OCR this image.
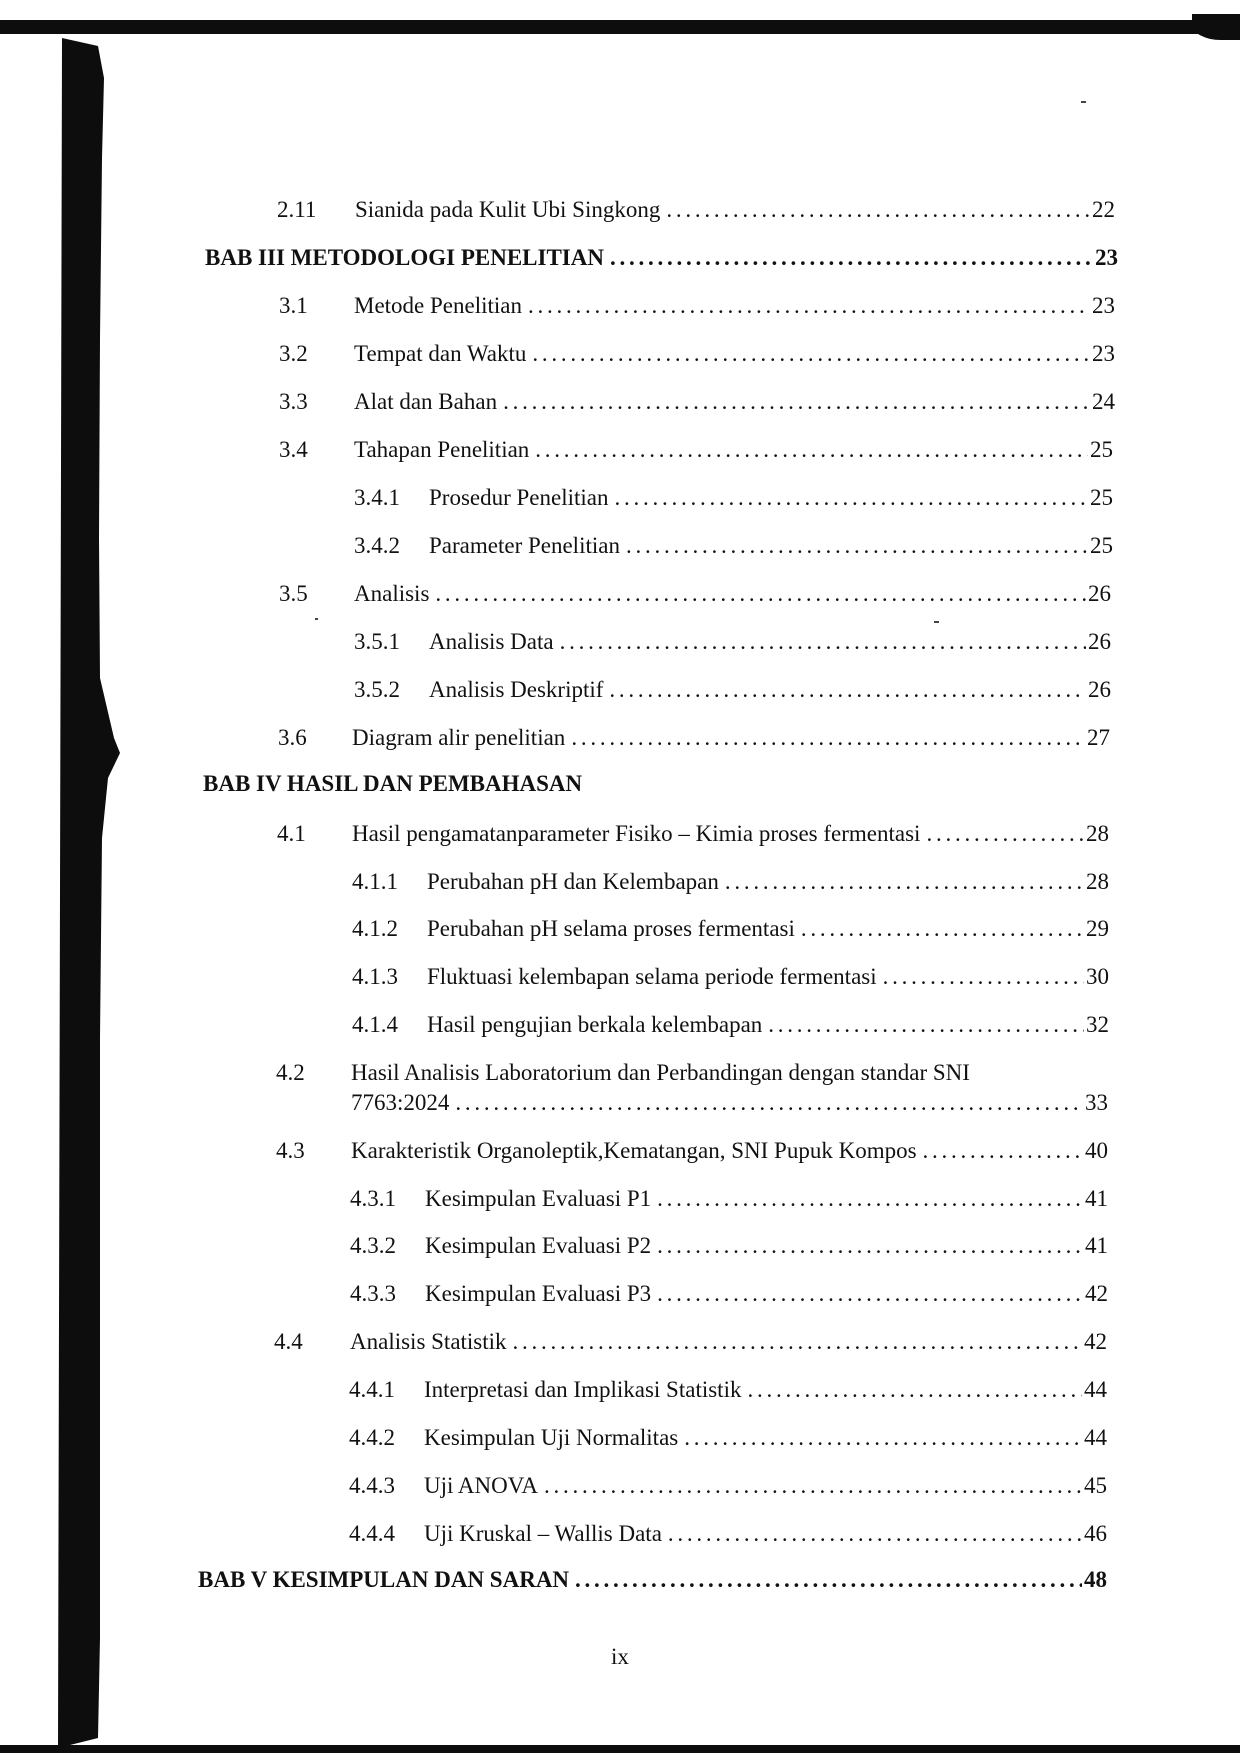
2.11	Sianida pada Kulit Ubi Singkong . . .	22
BAB III METODOLOGI PENELITIAN . . .	23
3.1	Metode Penelitian . . .	23
3.2	Tempat dan Waktu . . .	23
3.3	Alat dan Bahan . . .	24
3.4	Tahapan Penelitian . . .	25
3.4.1	Prosedur Penelitian . . .	25
3.4.2	Parameter Penelitian . . .	25
3.5	Analisis . . .	26
3.5.1	Analisis Data . . .	26
3.5.2	Analisis Deskriptif . . .	26
3.6	Diagram alir penelitian . . .	27
BAB IV HASIL DAN PEMBAHASAN
4.1	Hasil pengamatanparameter Fisiko – Kimia proses fermentasi . . .	28
4.1.1	Perubahan pH dan Kelembapan . . .	28
4.1.2	Perubahan pH selama proses fermentasi . . .	29
4.1.3	Fluktuasi kelembapan selama periode fermentasi . . .	30
4.1.4	Hasil pengujian berkala kelembapan . . .	32
4.2	Hasil Analisis Laboratorium dan Perbandingan dengan standar SNI
7763:2024 . . .	33
4.3	Karakteristik Organoleptik,Kematangan, SNI Pupuk Kompos . . .	40
4.3.1	Kesimpulan Evaluasi P1 . . .	41
4.3.2	Kesimpulan Evaluasi P2 . . .	41
4.3.3	Kesimpulan Evaluasi P3 . . .	42
4.4	Analisis Statistik . . .	42
4.4.1	Interpretasi dan Implikasi Statistik . . .	44
4.4.2	Kesimpulan Uji Normalitas . . .	44
4.4.3	Uji ANOVA . . .	45
4.4.4	Uji Kruskal – Wallis Data . . .	46
BAB V KESIMPULAN DAN SARAN . . .	48
ix
